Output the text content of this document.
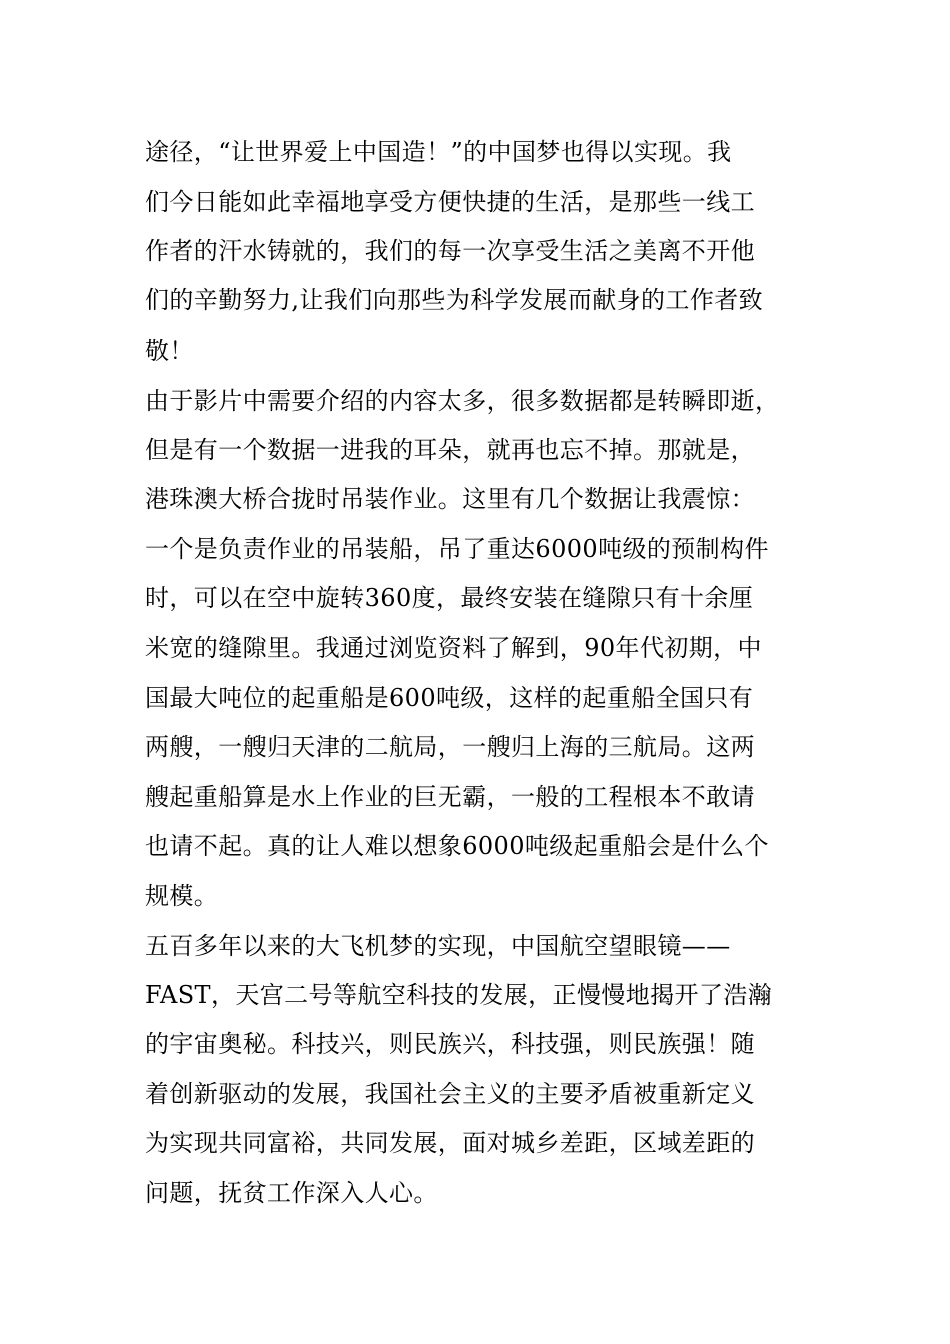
途径，“让世界爱上中国造！”的中国梦也得以实现。我
们今日能如此幸福地享受方便快捷的生活，是那些一线工
作者的汗水铸就的，我们的每一次享受生活之美离不开他
们的辛勤努力,让我们向那些为科学发展而献身的工作者致
敬！
由于影片中需要介绍的内容太多，很多数据都是转瞬即逝，
但是有一个数据一进我的耳朵，就再也忘不掉。那就是，
港珠澳大桥合拢时吊装作业。这里有几个数据让我震惊：
一个是负责作业的吊装船，吊了重达6000吨级的预制构件
时，可以在空中旋转360度，最终安装在缝隙只有十余厘
米宽的缝隙里。我通过浏览资料了解到，90年代初期，中
国最大吨位的起重船是600吨级，这样的起重船全国只有
两艘，一艘归天津的二航局，一艘归上海的三航局。这两
艘起重船算是水上作业的巨无霸，一般的工程根本不敢请
也请不起。真的让人难以想象6000吨级起重船会是什么个
规模。
五百多年以来的大飞机梦的实现，中国航空望眼镜——
FAST，天宫二号等航空科技的发展，正慢慢地揭开了浩瀚
的宇宙奥秘。科技兴，则民族兴，科技强，则民族强！随
着创新驱动的发展，我国社会主义的主要矛盾被重新定义
为实现共同富裕，共同发展，面对城乡差距，区域差距的
问题，抚贫工作深入人心。
